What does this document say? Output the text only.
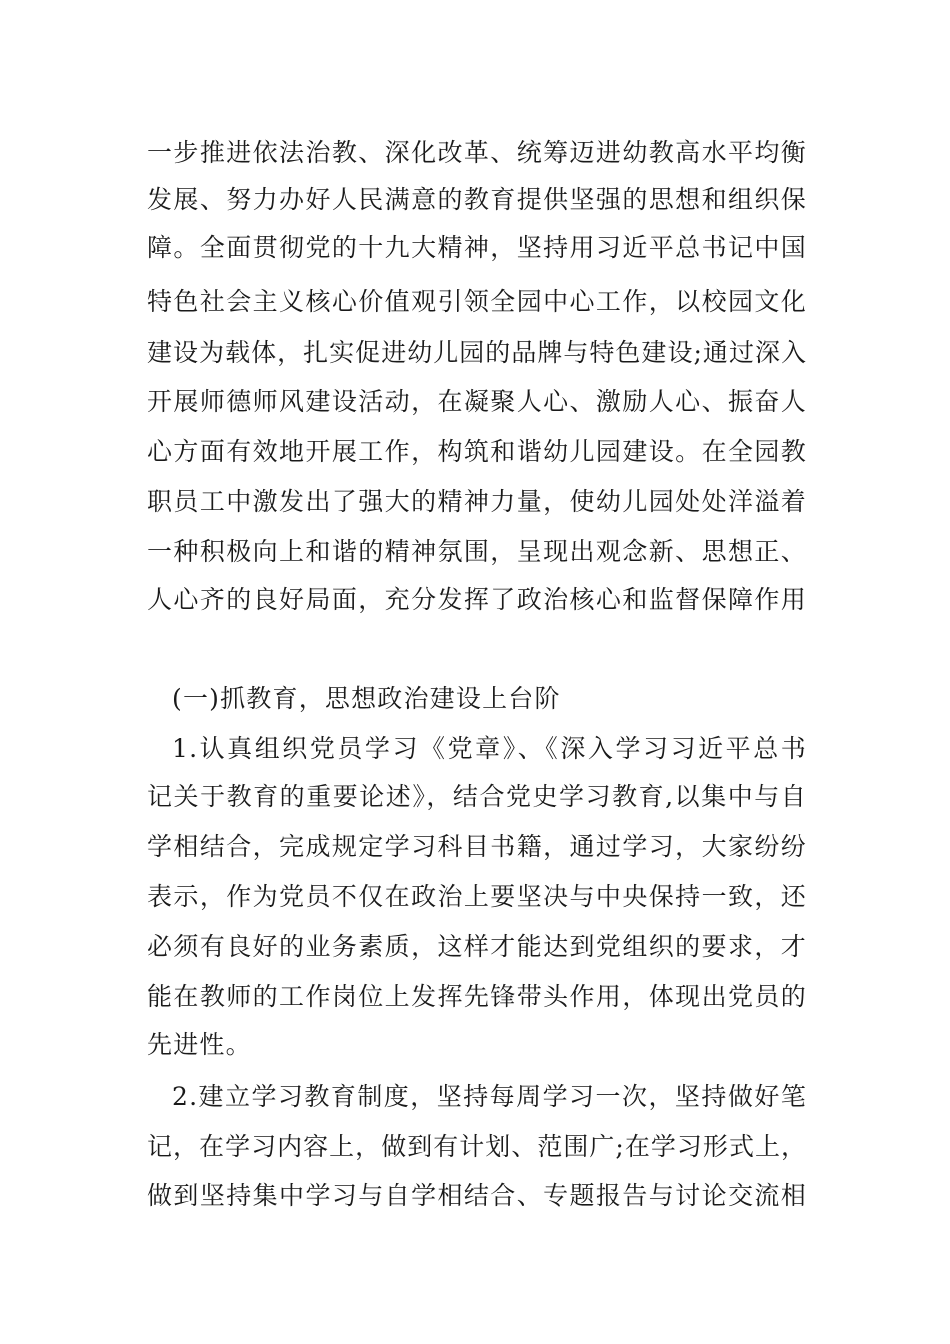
一步推进依法治教、深化改革、统筹迈进幼教高水平均衡
发展、努力办好人民满意的教育提供坚强的思想和组织保
障。全面贯彻党的十九大精神，坚持用习近平总书记中国
特色社会主义核心价值观引领全园中心工作，以校园文化
建设为载体，扎实促进幼儿园的品牌与特色建设;通过深入
开展师德师风建设活动，在凝聚人心、激励人心、振奋人
心方面有效地开展工作，构筑和谐幼儿园建设。在全园教
职员工中激发出了强大的精神力量，使幼儿园处处洋溢着
一种积极向上和谐的精神氛围，呈现出观念新、思想正、
人心齐的良好局面，充分发挥了政治核心和监督保障作用
(一)抓教育，思想政治建设上台阶
1.认真组织党员学习《党章》、《深入学习习近平总书
记关于教育的重要论述》，结合党史学习教育,以集中与自
学相结合，完成规定学习科目书籍，通过学习，大家纷纷
表示，作为党员不仅在政治上要坚决与中央保持一致，还
必须有良好的业务素质，这样才能达到党组织的要求，才
能在教师的工作岗位上发挥先锋带头作用，体现出党员的
先进性。
2.建立学习教育制度，坚持每周学习一次，坚持做好笔
记，在学习内容上，做到有计划、范围广;在学习形式上，
做到坚持集中学习与自学相结合、专题报告与讨论交流相
